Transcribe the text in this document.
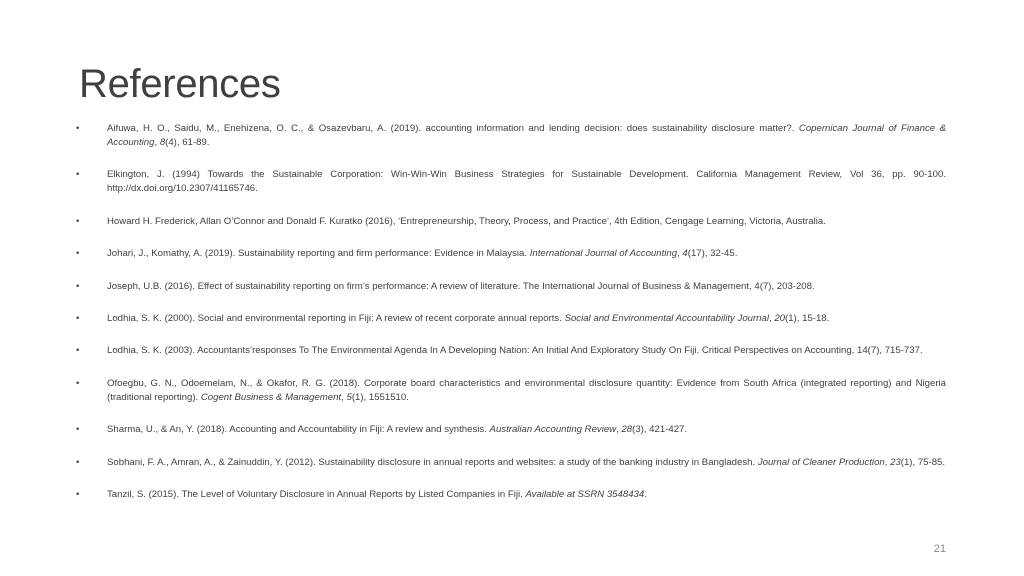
References
•	Aifuwa, H. O., Saidu, M., Enehizena, O. C., & Osazevbaru, A. (2019). accounting information and lending decision: does sustainability disclosure matter?. Copernican Journal of Finance & Accounting, 8(4), 61-89.
•	Elkington, J. (1994) Towards the Sustainable Corporation: Win-Win-Win Business Strategies for Sustainable Development. California Management Review, Vol 36, pp. 90-100. http://dx.doi.org/10.2307/41165746.
•	Howard H. Frederick, Allan O’Connor and Donald F. Kuratko (2016), ‘Entrepreneurship, Theory, Process, and Practice’, 4th Edition, Cengage Learning, Victoria, Australia.
•	Johari, J., Komathy, A. (2019). Sustainability reporting and firm performance: Evidence in Malaysia. International Journal of Accounting, 4(17), 32-45.
•	Joseph, U.B. (2016). Effect of sustainability reporting on firm’s performance: A review of literature. The International Journal of Business & Management, 4(7), 203-208.
•	Lodhia, S. K. (2000). Social and environmental reporting in Fiji: A review of recent corporate annual reports. Social and Environmental Accountability Journal, 20(1), 15-18.
•	Lodhia, S. K. (2003). Accountants’responses To The Environmental Agenda In A Developing Nation: An Initial And Exploratory Study On Fiji. Critical Perspectives on Accounting, 14(7), 715-737.
•	Ofoegbu, G. N., Odoemelam, N., & Okafor, R. G. (2018). Corporate board characteristics and environmental disclosure quantity: Evidence from South Africa (integrated reporting) and Nigeria (traditional reporting). Cogent Business & Management, 5(1), 1551510.
•	Sharma, U., & An, Y. (2018). Accounting and Accountability in Fiji: A review and synthesis. Australian Accounting Review, 28(3), 421-427.
•	Sobhani, F. A., Amran, A., & Zainuddin, Y. (2012). Sustainability disclosure in annual reports and websites: a study of the banking industry in Bangladesh. Journal of Cleaner Production, 23(1), 75-85.
•	Tanzil, S. (2015). The Level of Voluntary Disclosure in Annual Reports by Listed Companies in Fiji. Available at SSRN 3548434.
21
